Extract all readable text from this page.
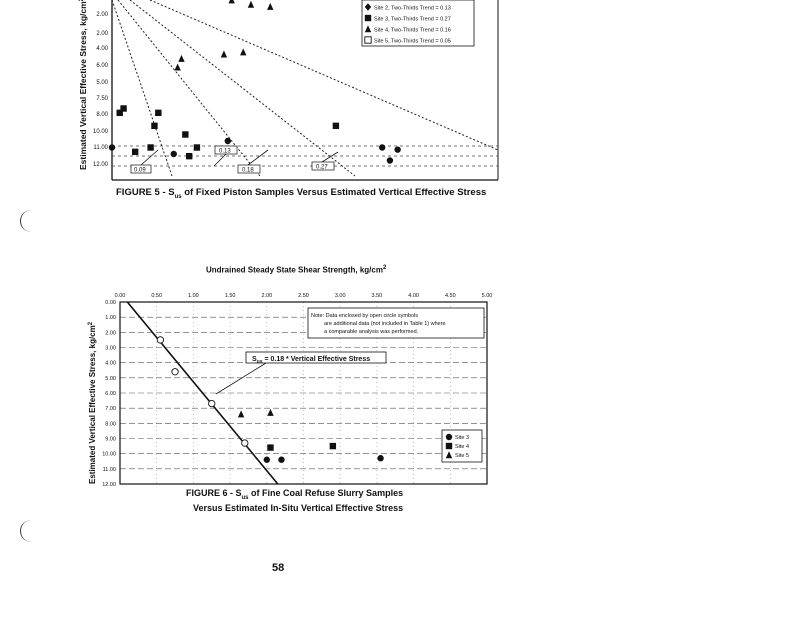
2.00
2.00
4.00
6.00
5.00
7.50
8.00
10.00
11.00
12.00
Estimated Vertical Effective Stress, kg/cm	Site 2, Two-Thirds Trend = 0.13
Site 3, Two-Thirds Trend = 0.27
Site 4, Two-Thirds Trend = 0.16
Site 5, Two-Thirds Trend = 0.05
0.09	0.18	0.27
0.13
FIGURE $5 - S_{us}$ of Fixed Piston Samples Versus Estimated Vertical Effective Stress
Undrained Steady State Shear Strength, $kg/cm^2$
0.00	0.50	1.00	1.50	2.00	2.50	3.00	3.50	4.00	4.50	5.00
0.00
1.00
2.00
3.00
4.00
5.00
6.00
7.00
8.00
9.00
10.00
11.00
12.00
Estimated Vertical Effective Stress, $kg/cm^2$
Note: Data enclosed by open circle symbols
are additional data (not included in Table 1) where
a comparable analysis was performed.
$S_{us} = 0.18$ * Vertical Effective Stress
Site 3
Site 4
Site 5
FIGURE $6 - S_{us}$ of Fine Coal Refuse Slurry Samples
Versus Estimated In-Situ Vertical Effective Stress
58
